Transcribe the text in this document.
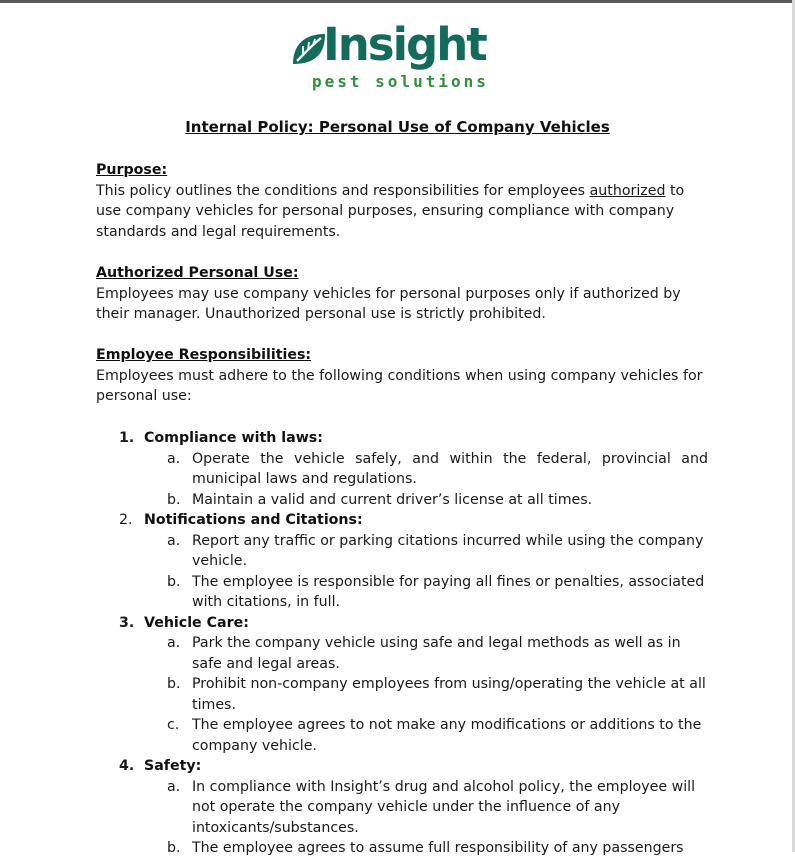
Insight
pest solutions
Internal Policy: Personal Use of Company Vehicles
Purpose:
This policy outlines the conditions and responsibilities for employees authorized to use company vehicles for personal purposes, ensuring compliance with company standards and legal requirements.
Authorized Personal Use:
Employees may use company vehicles for personal purposes only if authorized by their manager. Unauthorized personal use is strictly prohibited.
Employee Responsibilities:
Employees must adhere to the following conditions when using company vehicles for personal use:
1. Compliance with laws:
a. Operate the vehicle safely, and within the federal, provincial and municipal laws and regulations.
b. Maintain a valid and current driver’s license at all times.
2. Notifications and Citations:
a. Report any traffic or parking citations incurred while using the company vehicle.
b. The employee is responsible for paying all fines or penalties, associated with citations, in full.
3. Vehicle Care:
a. Park the company vehicle using safe and legal methods as well as in safe and legal areas.
b. Prohibit non-company employees from using/operating the vehicle at all times.
c. The employee agrees to not make any modifications or additions to the company vehicle.
4. Safety:
a. In compliance with Insight’s drug and alcohol policy, the employee will not operate the company vehicle under the influence of any intoxicants/substances.
b. The employee agrees to assume full responsibility of any passengers
